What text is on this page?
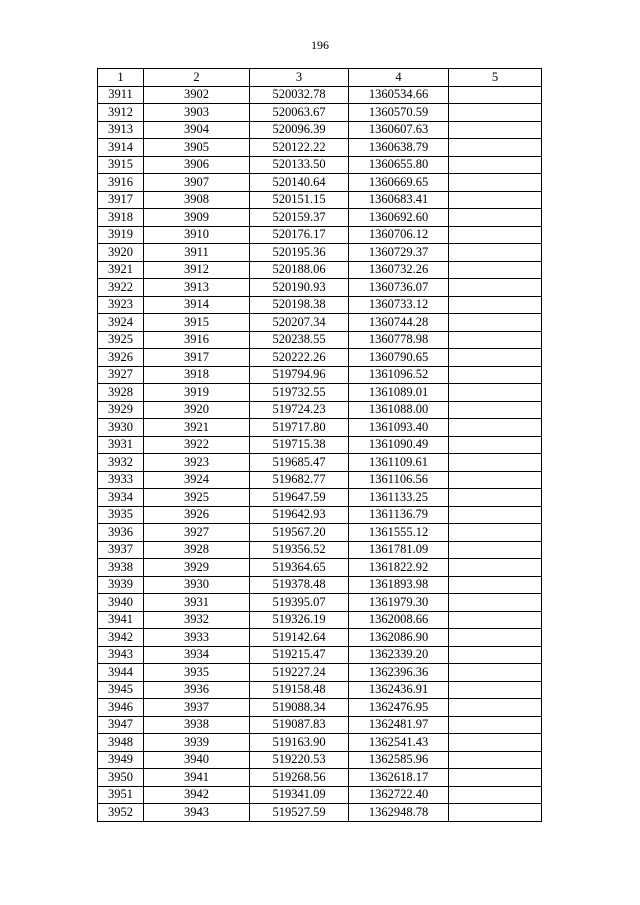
196
1	2	3	4	5
3911	3902	520032.78	1360534.66	
3912	3903	520063.67	1360570.59	
3913	3904	520096.39	1360607.63	
3914	3905	520122.22	1360638.79	
3915	3906	520133.50	1360655.80	
3916	3907	520140.64	1360669.65	
3917	3908	520151.15	1360683.41	
3918	3909	520159.37	1360692.60	
3919	3910	520176.17	1360706.12	
3920	3911	520195.36	1360729.37	
3921	3912	520188.06	1360732.26	
3922	3913	520190.93	1360736.07	
3923	3914	520198.38	1360733.12	
3924	3915	520207.34	1360744.28	
3925	3916	520238.55	1360778.98	
3926	3917	520222.26	1360790.65	
3927	3918	519794.96	1361096.52	
3928	3919	519732.55	1361089.01	
3929	3920	519724.23	1361088.00	
3930	3921	519717.80	1361093.40	
3931	3922	519715.38	1361090.49	
3932	3923	519685.47	1361109.61	
3933	3924	519682.77	1361106.56	
3934	3925	519647.59	1361133.25	
3935	3926	519642.93	1361136.79	
3936	3927	519567.20	1361555.12	
3937	3928	519356.52	1361781.09	
3938	3929	519364.65	1361822.92	
3939	3930	519378.48	1361893.98	
3940	3931	519395.07	1361979.30	
3941	3932	519326.19	1362008.66	
3942	3933	519142.64	1362086.90	
3943	3934	519215.47	1362339.20	
3944	3935	519227.24	1362396.36	
3945	3936	519158.48	1362436.91	
3946	3937	519088.34	1362476.95	
3947	3938	519087.83	1362481.97	
3948	3939	519163.90	1362541.43	
3949	3940	519220.53	1362585.96	
3950	3941	519268.56	1362618.17	
3951	3942	519341.09	1362722.40	
3952	3943	519527.59	1362948.78	
